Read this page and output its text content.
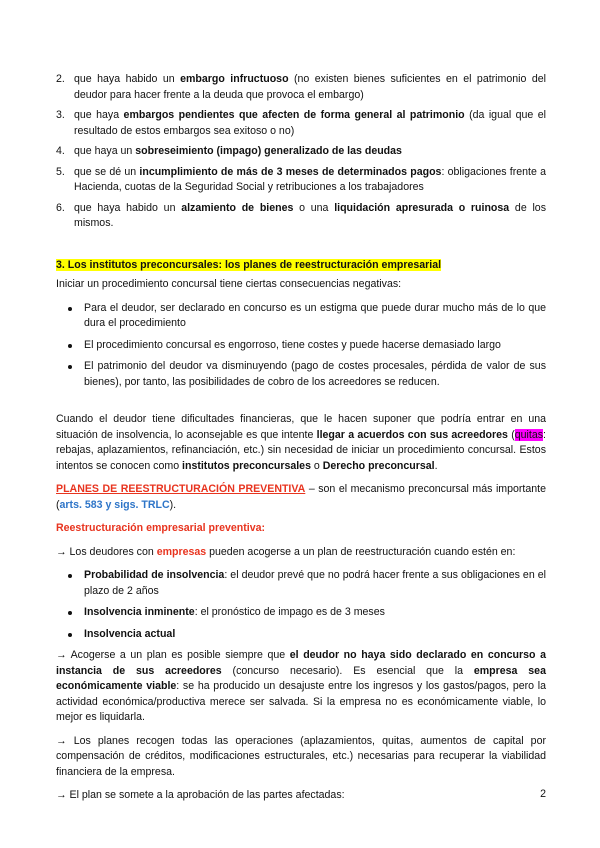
2. que haya habido un embargo infructuoso (no existen bienes suficientes en el patrimonio del deudor para hacer frente a la deuda que provoca el embargo)
3. que haya embargos pendientes que afecten de forma general al patrimonio (da igual que el resultado de estos embargos sea exitoso o no)
4. que haya un sobreseimiento (impago) generalizado de las deudas
5. que se dé un incumplimiento de más de 3 meses de determinados pagos: obligaciones frente a Hacienda, cuotas de la Seguridad Social y retribuciones a los trabajadores
6. que haya habido un alzamiento de bienes o una liquidación apresurada o ruinosa de los mismos.
3. Los institutos preconcursales: los planes de reestructuración empresarial

Iniciar un procedimiento concursal tiene ciertas consecuencias negativas:

Para el deudor, ser declarado en concurso es un estigma que puede durar mucho más de lo que dura el procedimiento
El procedimiento concursal es engorroso, tiene costes y puede hacerse demasiado largo
El patrimonio del deudor va disminuyendo (pago de costes procesales, pérdida de valor de sus bienes), por tanto, las posibilidades de cobro de los acreedores se reducen.

Cuando el deudor tiene dificultades financieras, que le hacen suponer que podría entrar en una situación de insolvencia, lo aconsejable es que intente llegar a acuerdos con sus acreedores (quitas: rebajas, aplazamientos, refinanciación, etc.) sin necesidad de iniciar un procedimiento concursal. Estos intentos se conocen como institutos preconcursales o Derecho preconcursal.

PLANES DE REESTRUCTURACIÓN PREVENTIVA – son el mecanismo preconcursal más importante (arts. 583 y sigs. TRLC).

Reestructuración empresarial preventiva:

→ Los deudores con empresas pueden acogerse a un plan de reestructuración cuando estén en:

Probabilidad de insolvencia: el deudor prevé que no podrá hacer frente a sus obligaciones en el plazo de 2 años
Insolvencia inminente: el pronóstico de impago es de 3 meses
Insolvencia actual

→ Acogerse a un plan es posible siempre que el deudor no haya sido declarado en concurso a instancia de sus acreedores (concurso necesario). Es esencial que la empresa sea económicamente viable: se ha producido un desajuste entre los ingresos y los gastos/pagos, pero la actividad económica/productiva merece ser salvada. Si la empresa no es económicamente viable, lo mejor es liquidarla.

→ Los planes recogen todas las operaciones (aplazamientos, quitas, aumentos de capital por compensación de créditos, modificaciones estructurales, etc.) necesarias para recuperar la viabilidad financiera de la empresa.

→ El plan se somete a la aprobación de las partes afectadas:	2
